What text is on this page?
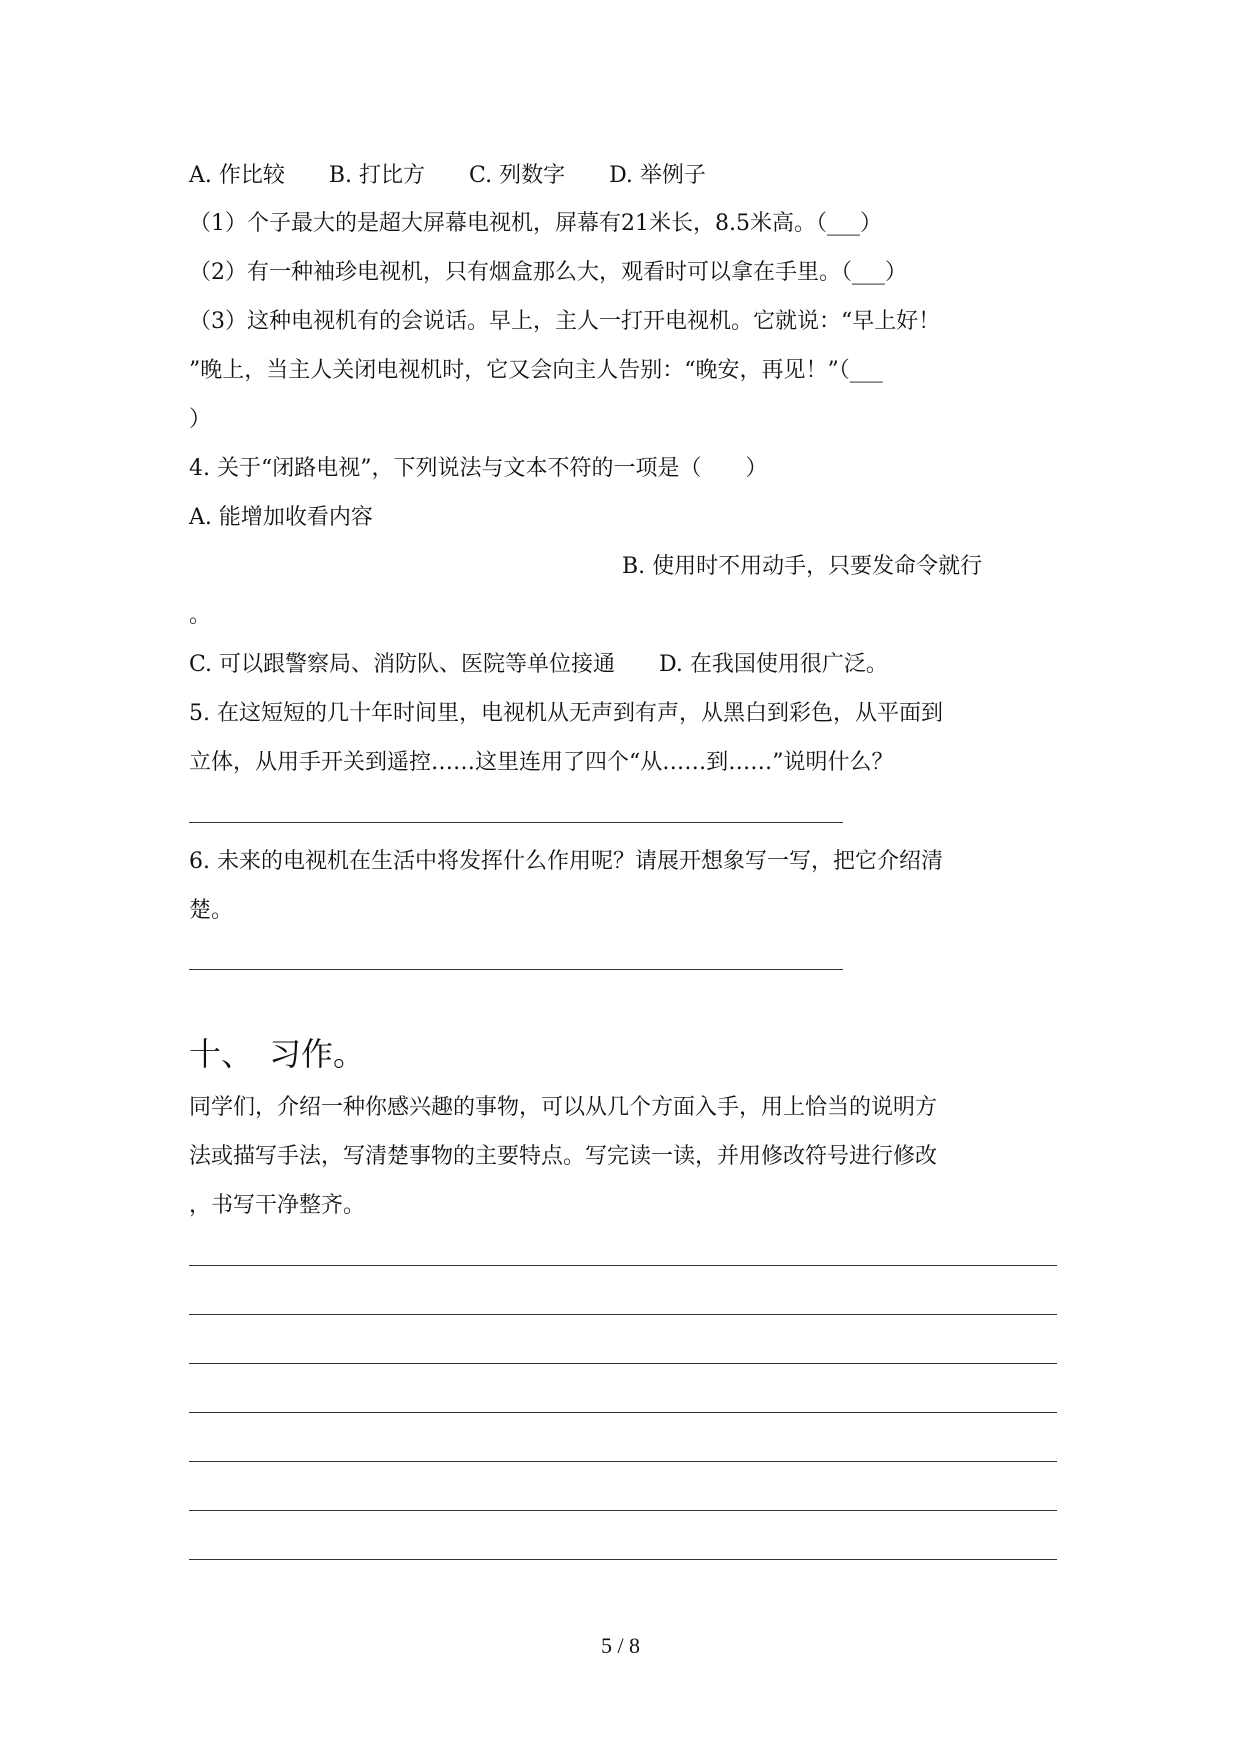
A. 作比较　　B. 打比方　　C. 列数字　　D. 举例子
（1）个子最大的是超大屏幕电视机，屏幕有21米长，8.5米高。（___）
（2）有一种袖珍电视机，只有烟盒那么大，观看时可以拿在手里。（___）
（3）这种电视机有的会说话。早上，主人一打开电视机。它就说：“早上好！
”晚上，当主人关闭电视机时，它又会向主人告别：“晚安，再见！”（___
）
4. 关于“闭路电视”，下列说法与文本不符的一项是（　　）
A. 能增加收看内容
B. 使用时不用动手，只要发命令就行
。
C. 可以跟警察局、消防队、医院等单位接通　　D. 在我国使用很广泛。
5. 在这短短的几十年时间里，电视机从无声到有声，从黑白到彩色，从平面到
立体，从用手开关到遥控……这里连用了四个“从……到……”说明什么？
6. 未来的电视机在生活中将发挥什么作用呢？请展开想象写一写，把它介绍清
楚。
十、　习作。
同学们，介绍一种你感兴趣的事物，可以从几个方面入手，用上恰当的说明方
法或描写手法，写清楚事物的主要特点。写完读一读，并用修改符号进行修改
，书写干净整齐。
5 / 8
